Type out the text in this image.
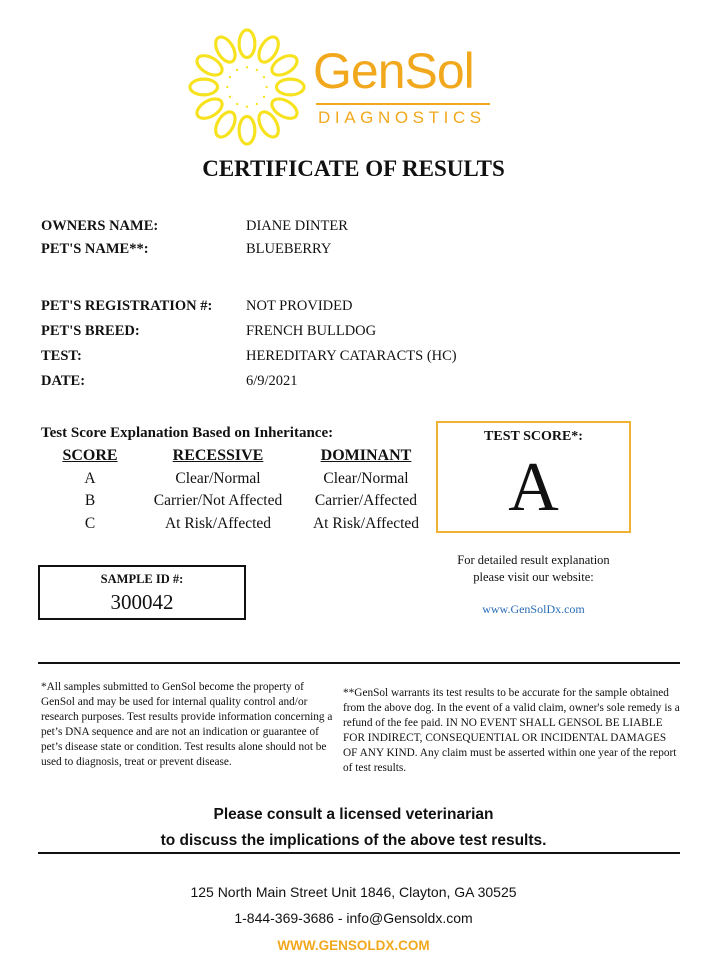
GenSol
DIAGNOSTICS
CERTIFICATE OF RESULTS
OWNERS NAME:	DIANE DINTER
PET'S NAME**:	BLUEBERRY
PET'S REGISTRATION #: NOT PROVIDED
PET'S BREED:	FRENCH BULLDOG
TEST:	HEREDITARY CATARACTS (HC)
DATE:	6/9/2021
Test Score Explanation Based on Inheritance:
SCORE	RECESSIVE	DOMINANT
A	Clear/Normal	Clear/Normal
B	Carrier/Not Affected	Carrier/Affected
C	At Risk/Affected	At Risk/Affected
TEST SCORE*:
A
For detailed result explanation
please visit our website:
www.GenSolDx.com
SAMPLE ID #:
300042
*All samples submitted to GenSol become the property of GenSol and may be used for internal quality control and/or research purposes. Test results provide information concerning a pet’s DNA sequence and are not an indication or guarantee of pet’s disease state or condition. Test results alone should not be used to diagnosis, treat or prevent disease.
**GenSol warrants its test results to be accurate for the sample obtained from the above dog. In the event of a valid claim, owner's sole remedy is a refund of the fee paid. IN NO EVENT SHALL GENSOL BE LIABLE FOR INDIRECT, CONSEQUENTIAL OR INCIDENTAL DAMAGES OF ANY KIND. Any claim must be asserted within one year of the report of test results.
Please consult a licensed veterinarian
to discuss the implications of the above test results.
125 North Main Street Unit 1846, Clayton, GA 30525
1-844-369-3686 - info@Gensoldx.com
WWW.GENSOLDX.COM
